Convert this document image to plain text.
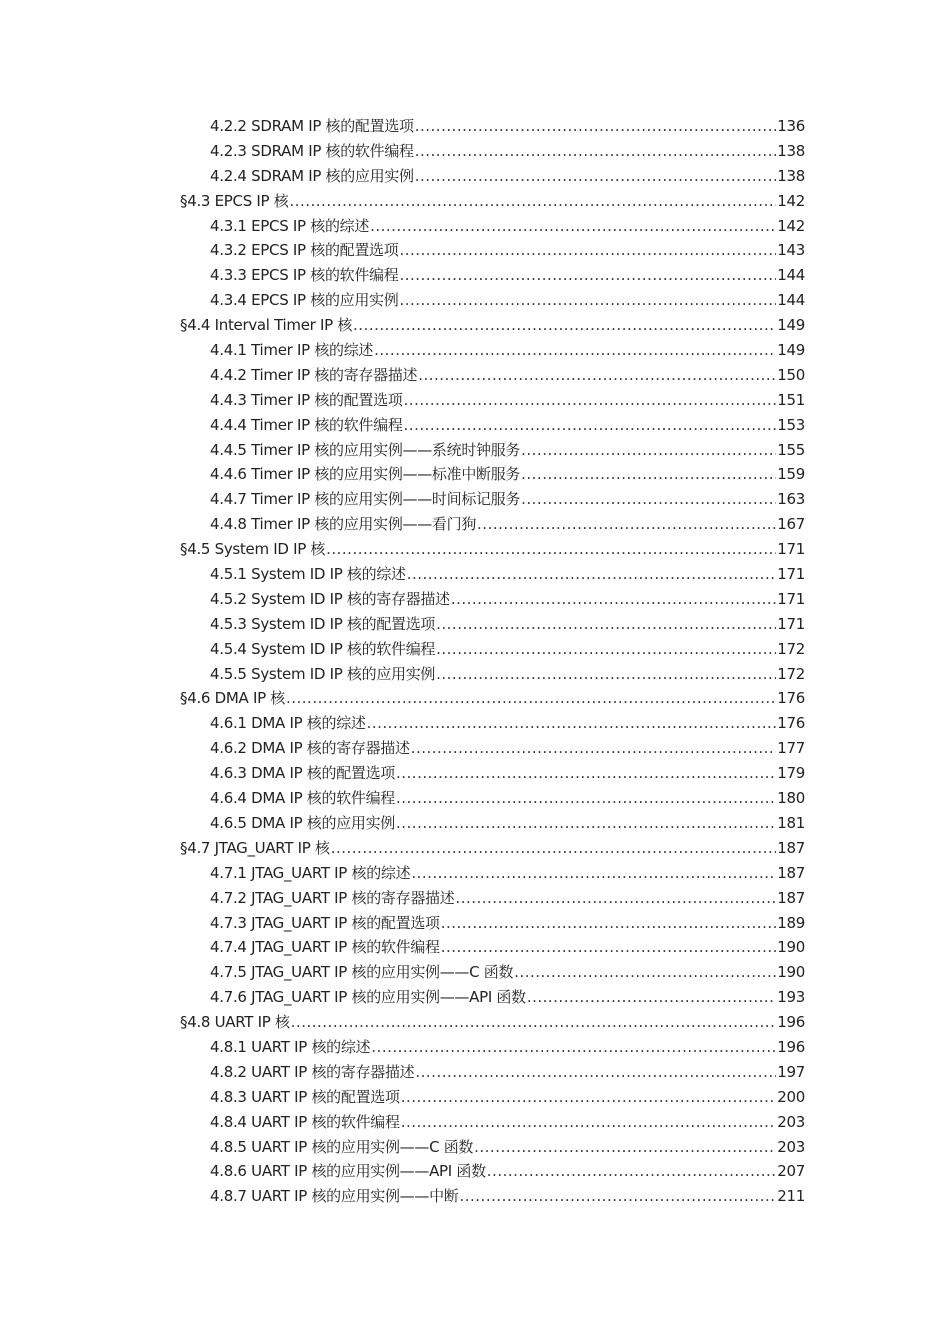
4.2.2 SDRAM IP 核的配置选项 .....	136
4.2.3 SDRAM IP 核的软件编程 .....	138
4.2.4 SDRAM IP 核的应用实例 .....	138
§4.3 EPCS IP 核 .....	142
4.3.1 EPCS IP 核的综述 .....	142
4.3.2 EPCS IP 核的配置选项 .....	143
4.3.3 EPCS IP 核的软件编程 .....	144
4.3.4 EPCS IP 核的应用实例 .....	144
§4.4 Interval Timer IP 核 .....	149
4.4.1 Timer IP 核的综述 .....	149
4.4.2 Timer IP 核的寄存器描述 .....	150
4.4.3 Timer IP 核的配置选项 .....	151
4.4.4 Timer IP 核的软件编程 .....	153
4.4.5 Timer IP 核的应用实例——系统时钟服务 .....	155
4.4.6 Timer IP 核的应用实例——标准中断服务 .....	159
4.4.7 Timer IP 核的应用实例——时间标记服务 .....	163
4.4.8 Timer IP 核的应用实例——看门狗 .....	167
§4.5 System ID IP 核 .....	171
4.5.1 System ID IP 核的综述 .....	171
4.5.2 System ID IP 核的寄存器描述 .....	171
4.5.3 System ID IP 核的配置选项 .....	171
4.5.4 System ID IP 核的软件编程 .....	172
4.5.5 System ID IP 核的应用实例 .....	172
§4.6 DMA IP 核 .....	176
4.6.1 DMA IP 核的综述 .....	176
4.6.2 DMA IP 核的寄存器描述 .....	177
4.6.3 DMA IP 核的配置选项 .....	179
4.6.4 DMA IP 核的软件编程 .....	180
4.6.5 DMA IP 核的应用实例 .....	181
§4.7 JTAG_UART IP 核 .....	187
4.7.1 JTAG_UART IP 核的综述 .....	187
4.7.2 JTAG_UART IP 核的寄存器描述 .....	187
4.7.3 JTAG_UART IP 核的配置选项 .....	189
4.7.4 JTAG_UART IP 核的软件编程 .....	190
4.7.5 JTAG_UART IP 核的应用实例——C 函数 .....	190
4.7.6 JTAG_UART IP 核的应用实例——API 函数 .....	193
§4.8 UART IP 核 .....	196
4.8.1 UART IP 核的综述 .....	196
4.8.2 UART IP 核的寄存器描述 .....	197
4.8.3 UART IP 核的配置选项 .....	200
4.8.4 UART IP 核的软件编程 .....	203
4.8.5 UART IP 核的应用实例——C 函数 .....	203
4.8.6 UART IP 核的应用实例——API 函数 .....	207
4.8.7 UART IP 核的应用实例——中断 .....	211
